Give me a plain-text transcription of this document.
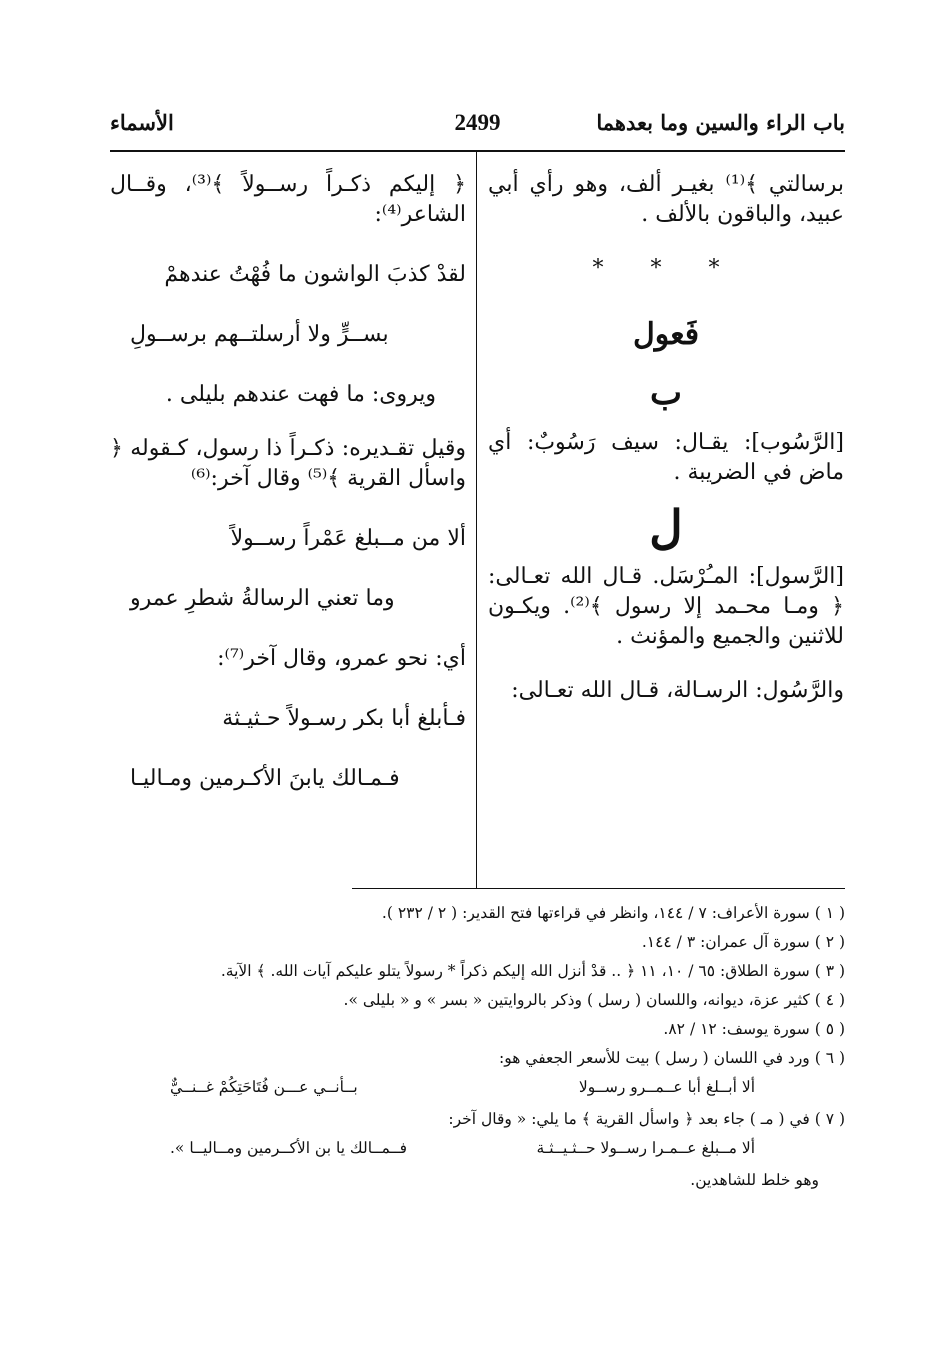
باب الراء والسين وما بعدهما
2499
الأسماء

برسالتي ﴾⁽¹⁾ بغيـر ألف، وهو رأي أبي عبيد، والباقون بالألف .

* * *
فَعول
ب

[الرَّسُوب]: يقـال: سيف رَسُوبٌ: أي ماض في الضريبة .

ل

[الرَّسول]: المـُرْسَل. قـال الله تعـالى: ﴿ ومـا محـمد إلا رسول ﴾⁽²⁾. ويكـون للاثنين والجميع والمؤنث .

والرَّسُول: الرسـالة، قـال الله تعـالى:

﴿ إليكم ذكـراً رســولاً ﴾⁽³⁾، وقــال الشاعر⁽⁴⁾:

لقدْ كذبَ الواشون ما فُهْتُ عندهمْ
بســرٍّ ولا أرسلتــهم برســولِ

ويروى: ما فهت عندهم بليلى .

وقيل تقـديره: ذكـراً ذا رسول، كـقوله ﴿ واسأل القرية ﴾⁽⁵⁾ وقال آخر:⁽⁶⁾

ألا من مــبلغ عَمْراً رســولاً
وما تعني الرسالةُ شطرِ عمرو
أي: نحو عمرو، وقال آخر⁽⁷⁾:
فـأبلغ أبا بكر رسـولاً حـثيـثة
فـمـالك يابنَ الأكـرمين ومـاليـا
( ١ ) سورة الأعراف: ٧ / ١٤٤، وانظر في قراءتها فتح القدير: ( ٢ / ٢٣٢ ).
( ٢ ) سورة آل عمران: ٣ / ١٤٤.
( ٣ ) سورة الطلاق: ٦٥ / ١٠، ١١ ﴿ .. قدْ أنزل الله إليكم ذكراً * رسولاً يتلو عليكم آيات الله. ﴾ الآية.
( ٤ ) كثير عزة، ديوانه، واللسان ( رسل ) وذكر بالروايتين « بسر » و « بليلى ».
( ٥ ) سورة يوسف: ١٢ / ٨٢.
( ٦ ) ورد في اللسان ( رسل ) بيت للأسعر الجعفي هو:
ألا أبــلغ أبا عــمــرو رســولا
بــأنــي عـــن فُتَاحَتِكُمْ غــنــيٌّ
( ٧ ) في ( مـ ) جاء بعد ﴿ واسأل القرية ﴾ ما يلي: « وقال آخر:
ألا مــبلغ عــمـرا رســولا حــثـيــثـة
فــمــالك يا بن الأكــرمين ومــاليــا ».
وهو خلط للشاهدين.
